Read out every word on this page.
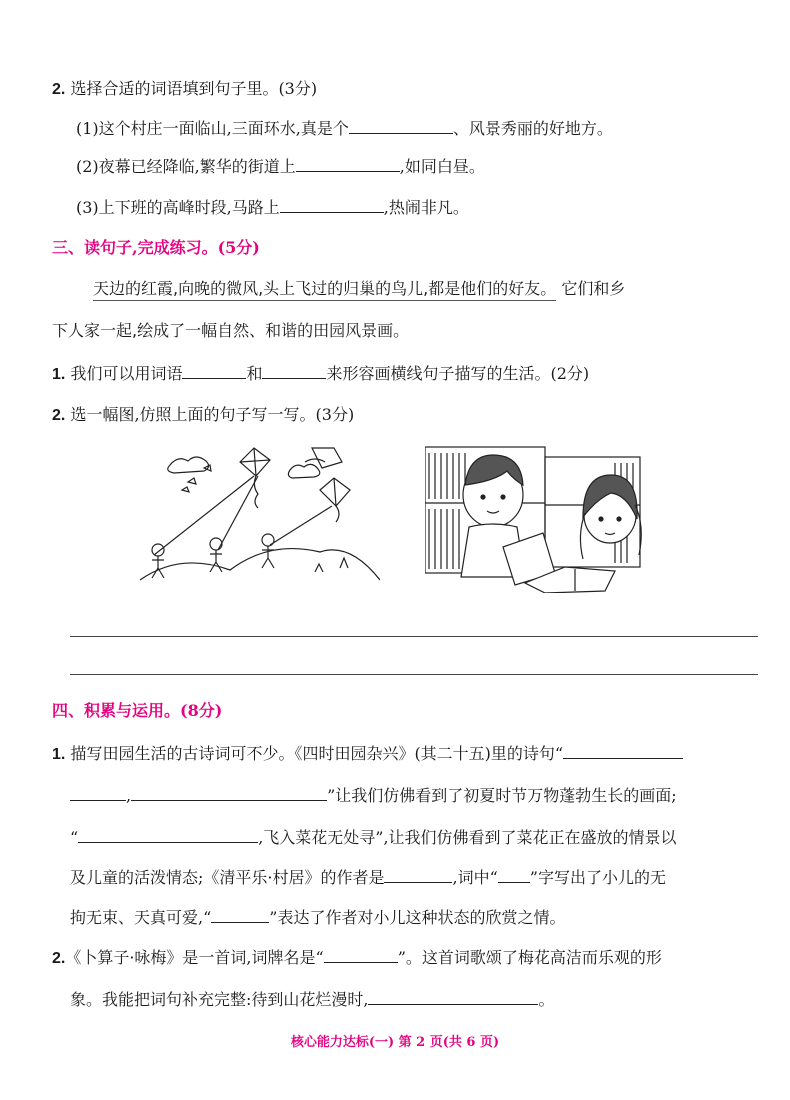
2. 选择合适的词语填到句子里。(3分)
(1)这个村庄一面临山,三面环水,真是个	、风景秀丽的好地方。
(2)夜幕已经降临,繁华的街道上	,如同白昼。
(3)上下班的高峰时段,马路上	,热闹非凡。
三、读句子,完成练习。(5分)
天边的红霞,向晚的微风,头上飞过的归巢的鸟儿,都是他们的好友。 它们和乡
下人家一起,绘成了一幅自然、和谐的田园风景画。
1. 我们可以用词语	和	来形容画横线句子描写的生活。(2分)
2. 选一幅图,仿照上面的句子写一写。(3分)
四、积累与运用。(8分)
1. 描写田园生活的古诗词可不少。《四时田园杂兴》(其二十五)里的诗句“
,	”让我们仿佛看到了初夏时节万物蓬勃生长的画面;
“	,飞入菜花无处寻”,让我们仿佛看到了菜花正在盛放的情景以
及儿童的活泼情态;《清平乐·村居》的作者是	,词中“ ”字写出了小儿的无
拘无束、天真可爱,“	”表达了作者对小儿这种状态的欣赏之情。
2.《卜算子·咏梅》是一首词,词牌名是“	”。这首词歌颂了梅花高洁而乐观的形
象。我能把词句补充完整:待到山花烂漫时,	。
核心能力达标(一) 第 2 页(共 6 页)
